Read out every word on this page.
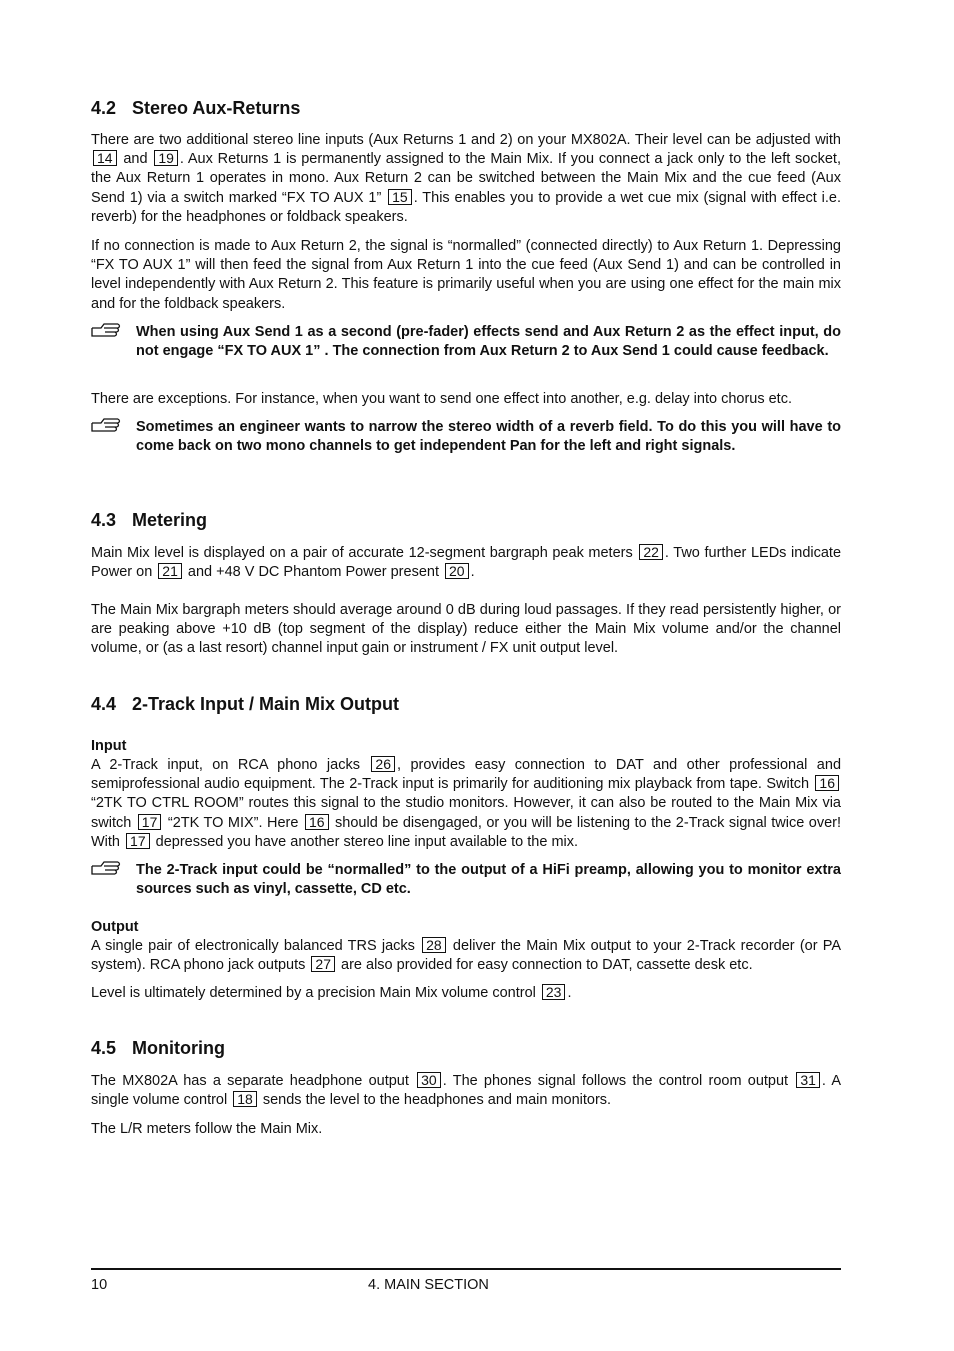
4.2 Stereo Aux-Returns

There are two additional stereo line inputs (Aux Returns 1 and 2) on your MX802A. Their level can be adjusted with 14 and 19 . Aux Returns 1 is permanently assigned to the Main Mix. If you connect a jack only to the left socket, the Aux Return 1 operates in mono. Aux Return 2 can be switched between the Main Mix and the cue feed (Aux Send 1) via a switch marked “FX TO AUX 1” 15 . This enables you to provide a wet cue mix (signal with effect i.e. reverb) for the headphones or foldback speakers.

If no connection is made to Aux Return 2, the signal is “normalled” (connected directly) to Aux Return 1. Depressing “FX TO AUX 1” will then feed the signal from Aux Return 1 into the cue feed (Aux Send 1) and can be controlled in level independently with Aux Return 2. This feature is primarily useful when you are using one effect for the main mix and for the foldback speakers.

When using Aux Send 1 as a second (pre-fader) effects send and Aux Return 2 as the effect input, do not engage “FX TO AUX 1” . The connection from Aux Return 2 to Aux Send 1 could cause feedback.

There are exceptions. For instance, when you want to send one effect into another, e.g. delay into chorus etc.

Sometimes an engineer wants to narrow the stereo width of a reverb field. To do this you will have to come back on two mono channels to get independent Pan for the left and right signals.

4.3 Metering

Main Mix level is displayed on a pair of accurate 12-segment bargraph peak meters 22 . Two further LEDs indicate Power on 21 and +48 V DC Phantom Power present 20 .

The Main Mix bargraph meters should average around 0 dB during loud passages. If they read persistently higher, or are peaking above +10 dB (top segment of the display) reduce either the Main Mix volume and/or the channel volume, or (as a last resort) channel input gain or instrument / FX unit output level.

4.4 2-Track Input / Main Mix Output
Input

A 2-Track input, on RCA phono jacks 26 , provides easy connection to DAT and other professional and semiprofessional audio equipment. The 2-Track input is primarily for auditioning mix playback from tape. Switch 16 “2TK TO CTRL ROOM” routes this signal to the studio monitors. However, it can also be routed to the Main Mix via switch 17 “2TK TO MIX”. Here 16 should be disengaged, or you will be listening to the 2-Track signal twice over! With 17 depressed you have another stereo line input available to the mix.

The 2-Track input could be “normalled” to the output of a HiFi preamp, allowing you to monitor extra sources such as vinyl, cassette, CD etc.

Output

A single pair of electronically balanced TRS jacks 28 deliver the Main Mix output to your 2-Track recorder (or PA system). RCA phono jack outputs 27 are also provided for easy connection to DAT, cassette desk etc.

Level is ultimately determined by a precision Main Mix volume control 23 .

4.5 Monitoring

The MX802A has a separate headphone output 30 . The phones signal follows the control room output 31 . A single volume control 18 sends the level to the headphones and main monitors.

The L/R meters follow the Main Mix.

10	4. MAIN SECTION
